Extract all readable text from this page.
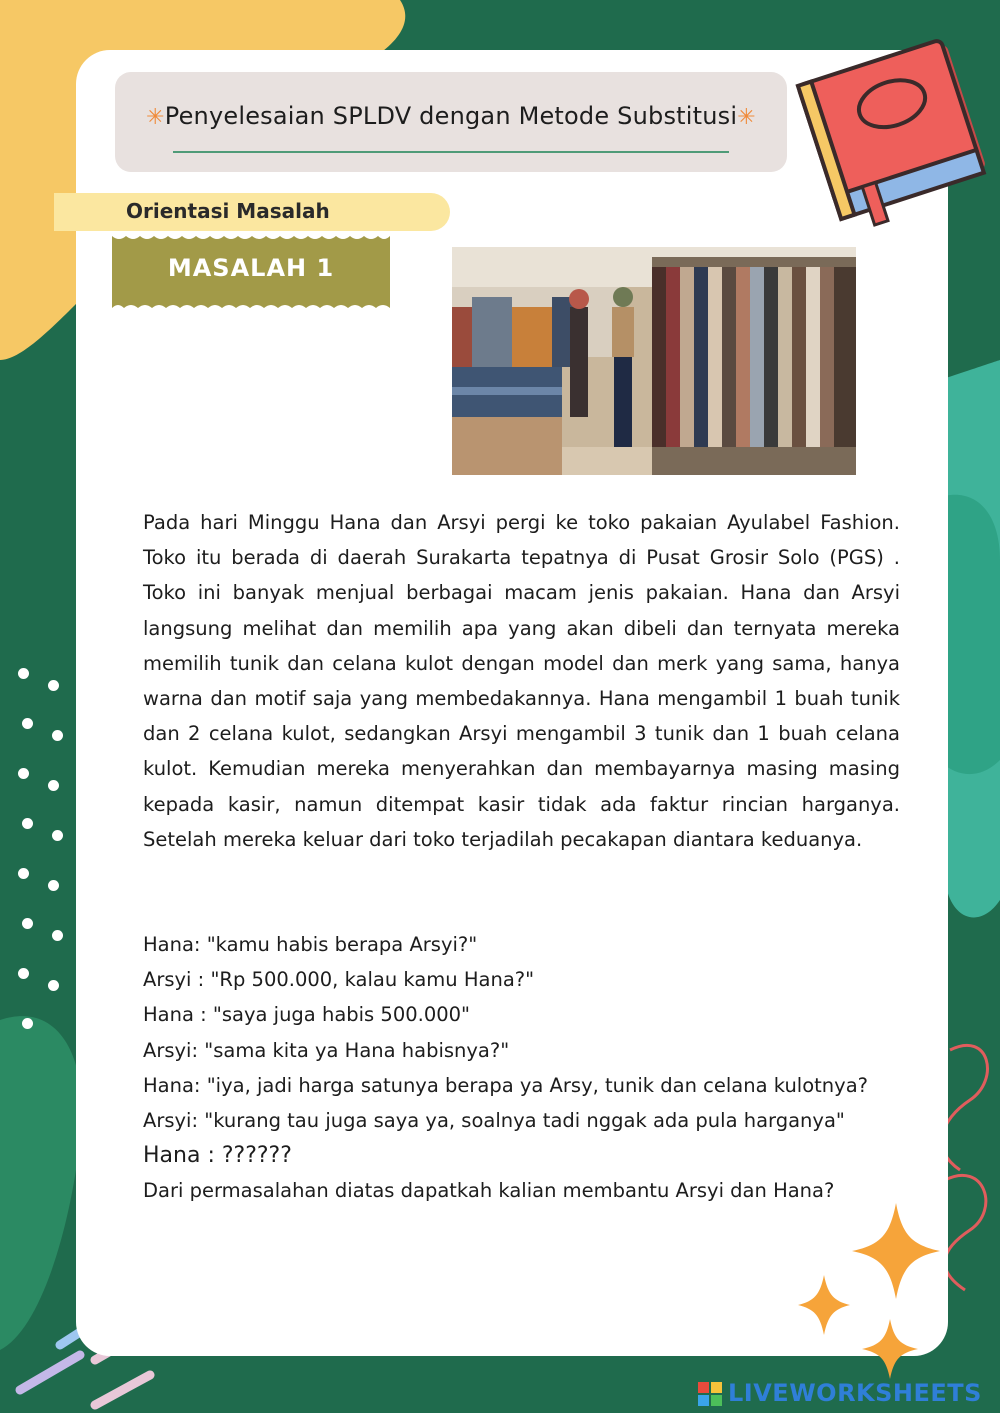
✳Penyelesaian SPLDV dengan Metode Substitusi✳
Orientasi Masalah
MASALAH 1

Pada hari Minggu Hana dan Arsyi pergi ke toko pakaian Ayulabel Fashion. Toko itu berada di daerah Surakarta tepatnya di Pusat Grosir Solo (PGS) . Toko ini banyak menjual berbagai macam jenis pakaian. Hana dan Arsyi langsung melihat dan memilih apa yang akan dibeli dan ternyata mereka memilih tunik dan celana kulot dengan model dan merk yang sama, hanya warna dan motif saja yang membedakannya. Hana mengambil 1 buah tunik dan 2 celana kulot, sedangkan Arsyi mengambil 3 tunik dan 1 buah celana kulot. Kemudian mereka menyerahkan dan membayarnya masing masing kepada kasir, namun ditempat kasir tidak ada faktur rincian harganya. Setelah mereka keluar dari toko terjadilah pecakapan diantara keduanya.

Hana: "kamu habis berapa Arsyi?"

Arsyi : "Rp 500.000, kalau kamu Hana?"

Hana : "saya juga habis 500.000"

Arsyi: "sama kita ya Hana habisnya?"

Hana: "iya, jadi harga satunya berapa ya Arsy, tunik dan celana kulotnya?

Arsyi: "kurang tau juga saya ya, soalnya tadi nggak ada pula harganya"

Hana : ??????

Dari permasalahan diatas dapatkah kalian membantu Arsyi dan Hana?

LIVEWORKSHEETS
